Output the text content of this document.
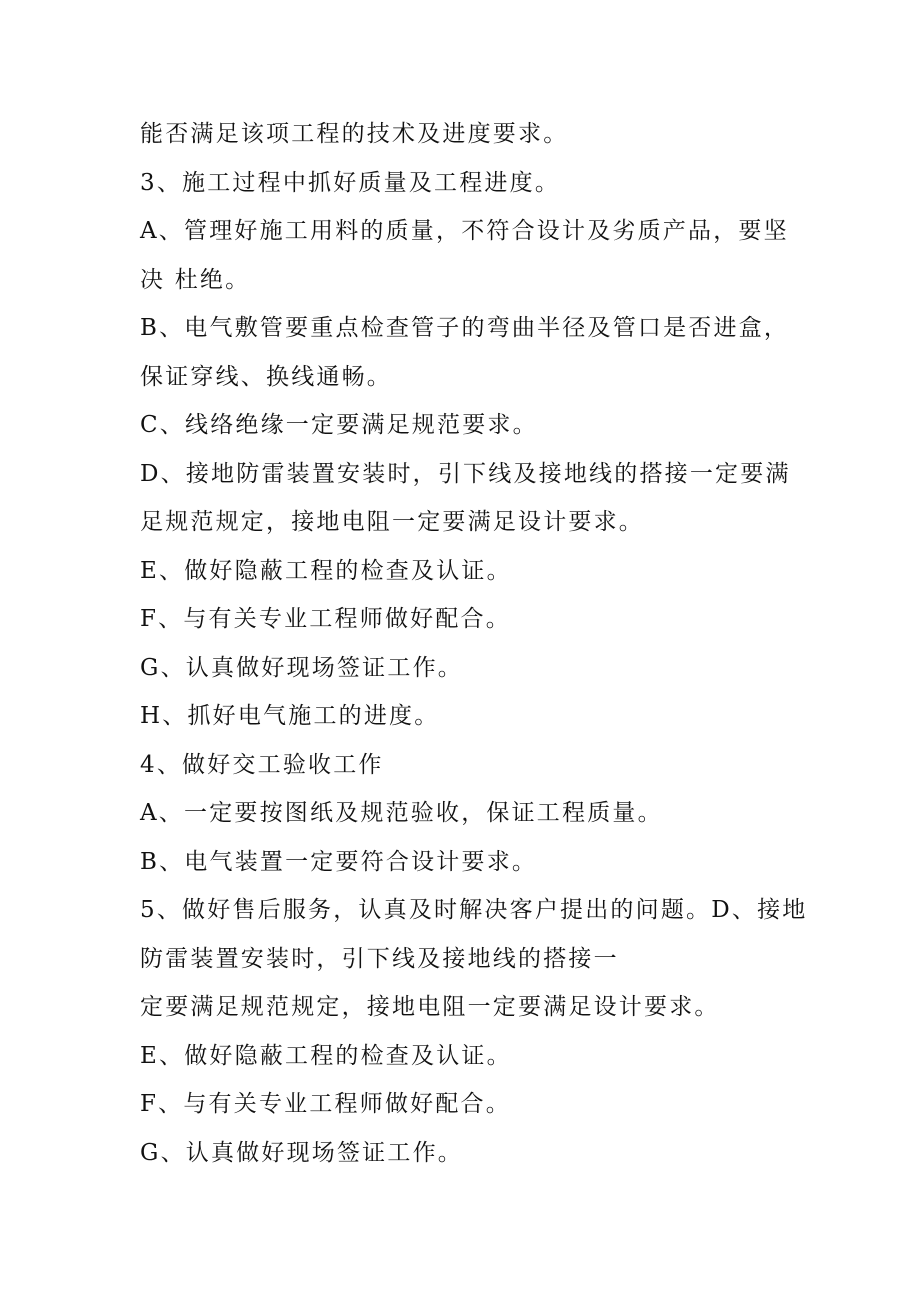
能否满足该项工程的技术及进度要求。
3、施工过程中抓好质量及工程进度。
A、管理好施工用料的质量，不符合设计及劣质产品，要坚
决 杜绝。
B、电气敷管要重点检查管子的弯曲半径及管口是否进盒，
保证穿线、换线通畅。
C、线络绝缘一定要满足规范要求。
D、接地防雷装置安装时，引下线及接地线的搭接一定要满
足规范规定，接地电阻一定要满足设计要求。
E、做好隐蔽工程的检查及认证。
F、与有关专业工程师做好配合。
G、认真做好现场签证工作。
H、抓好电气施工的进度。
4、做好交工验收工作
A、一定要按图纸及规范验收，保证工程质量。
B、电气装置一定要符合设计要求。
5、做好售后服务，认真及时解决客户提出的问题。D、接地
防雷装置安装时，引下线及接地线的搭接一
定要满足规范规定，接地电阻一定要满足设计要求。
E、做好隐蔽工程的检查及认证。
F、与有关专业工程师做好配合。
G、认真做好现场签证工作。
